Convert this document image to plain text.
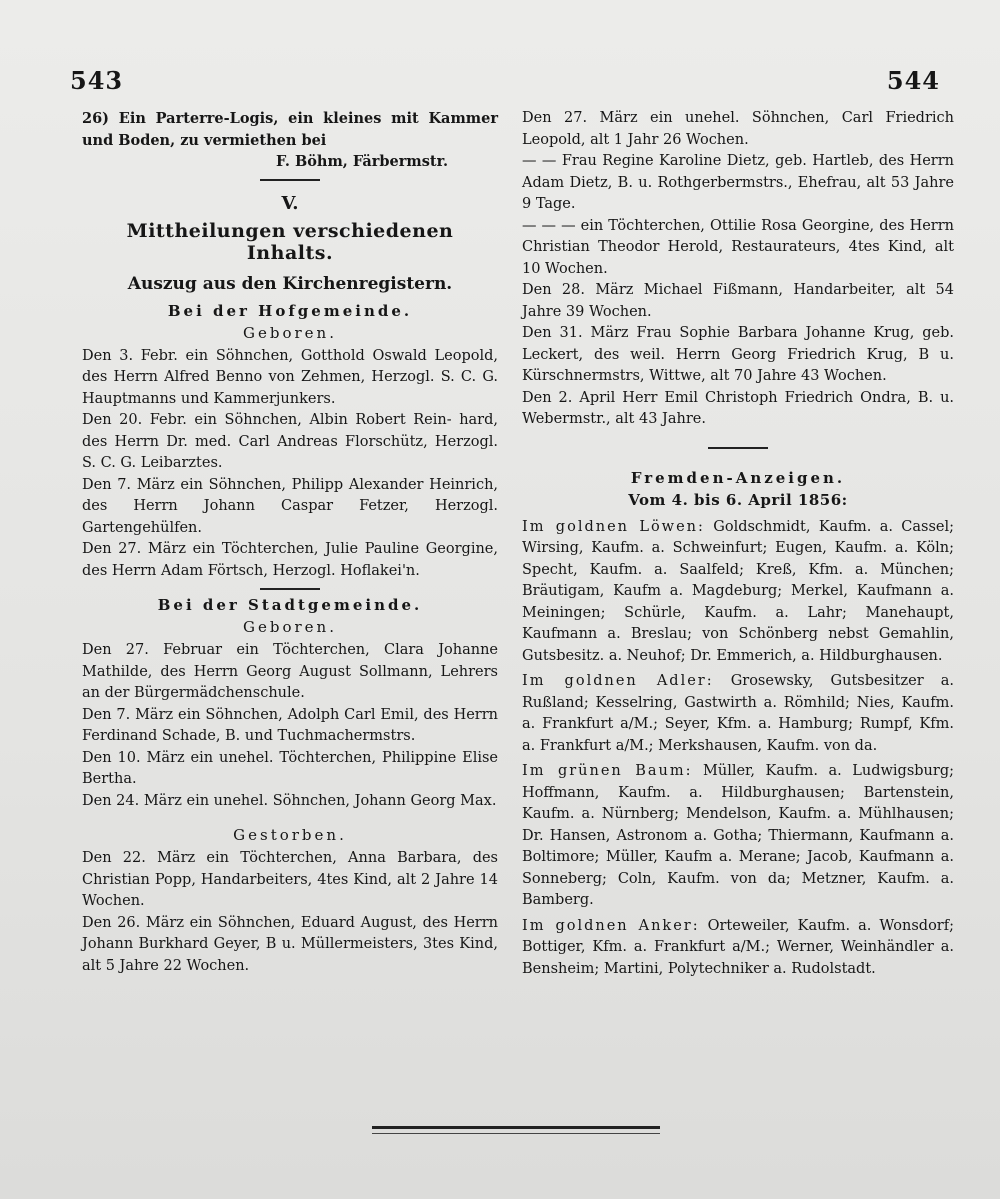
543	544

26) Ein Parterre-Logis, ein kleines mit Kammer und Boden, zu vermiethen bei

F. Böhm, Färbermstr.

V.
Mittheilungen verschiedenen Inhalts.
Auszug aus den Kirchenregistern.
Bei der Hofgemeinde.
Geboren.

Den 3. Febr. ein Söhnchen, Gotthold Oswald Leopold, des Herrn Alfred Benno von Zehmen, Herzogl. S. C. G. Hauptmanns und Kammerjunkers.

Den 20. Febr. ein Söhnchen, Albin Robert Rein- hard, des Herrn Dr. med. Carl Andreas Florschütz, Herzogl. S. C. G. Leibarztes.

Den 7. März ein Söhnchen, Philipp Alexander Heinrich, des Herrn Johann Caspar Fetzer, Herzogl. Gartengehülfen.

Den 27. März ein Töchterchen, Julie Pauline Georgine, des Herrn Adam Förtsch, Herzogl. Hoflakei'n.

Bei der Stadtgemeinde.
Geboren.

Den 27. Februar ein Töchterchen, Clara Johanne Mathilde, des Herrn Georg August Sollmann, Lehrers an der Bürgermädchenschule.

Den 7. März ein Söhnchen, Adolph Carl Emil, des Herrn Ferdinand Schade, B. und Tuchmachermstrs.

Den 10. März ein unehel. Töchterchen, Philippine Elise Bertha.

Den 24. März ein unehel. Söhnchen, Johann Georg Max.

Gestorben.

Den 22. März ein Töchterchen, Anna Barbara, des Christian Popp, Handarbeiters, 4tes Kind, alt 2 Jahre 14 Wochen.

Den 26. März ein Söhnchen, Eduard August, des Herrn Johann Burkhard Geyer, B u. Müllermeisters, 3tes Kind, alt 5 Jahre 22 Wochen.

Den 27. März ein unehel. Söhnchen, Carl Friedrich Leopold, alt 1 Jahr 26 Wochen.

— — Frau Regine Karoline Dietz, geb. Hartleb, des Herrn Adam Dietz, B. u. Rothgerbermstrs., Ehefrau, alt 53 Jahre 9 Tage.

— — — ein Töchterchen, Ottilie Rosa Georgine, des Herrn Christian Theodor Herold, Restaurateurs, 4tes Kind, alt 10 Wochen.

Den 28. März Michael Fißmann, Handarbeiter, alt 54 Jahre 39 Wochen.

Den 31. März Frau Sophie Barbara Johanne Krug, geb. Leckert, des weil. Herrn Georg Friedrich Krug, B u. Kürschnermstrs, Wittwe, alt 70 Jahre 43 Wochen.

Den 2. April Herr Emil Christoph Friedrich Ondra, B. u. Webermstr., alt 43 Jahre.

Fremden-Anzeigen.
Vom 4. bis 6. April 1856:

Im goldnen Löwen: Goldschmidt, Kaufm. a. Cassel; Wirsing, Kaufm. a. Schweinfurt; Eugen, Kaufm. a. Köln; Specht, Kaufm. a. Saalfeld; Kreß, Kfm. a. München; Bräutigam, Kaufm a. Magdeburg; Merkel, Kaufmann a. Meiningen; Schürle, Kaufm. a. Lahr; Manehaupt, Kaufmann a. Breslau; von Schönberg nebst Gemahlin, Gutsbesitz. a. Neuhof; Dr. Emmerich, a. Hildburghausen.

Im goldnen Adler: Grosewsky, Gutsbesitzer a. Rußland; Kesselring, Gastwirth a. Römhild; Nies, Kaufm. a. Frankfurt a/M.; Seyer, Kfm. a. Hamburg; Rumpf, Kfm. a. Frankfurt a/M.; Merkshausen, Kaufm. von da.

Im grünen Baum: Müller, Kaufm. a. Ludwigsburg; Hoffmann, Kaufm. a. Hildburghausen; Bartenstein, Kaufm. a. Nürnberg; Mendelson, Kaufm. a. Mühlhausen; Dr. Hansen, Astronom a. Gotha; Thiermann, Kaufmann a. Boltimore; Müller, Kaufm a. Merane; Jacob, Kaufmann a. Sonneberg; Coln, Kaufm. von da; Metzner, Kaufm. a. Bamberg.

Im goldnen Anker: Orteweiler, Kaufm. a. Wonsdorf; Bottiger, Kfm. a. Frankfurt a/M.; Werner, Weinhändler a. Bensheim; Martini, Polytechniker a. Rudolstadt.
